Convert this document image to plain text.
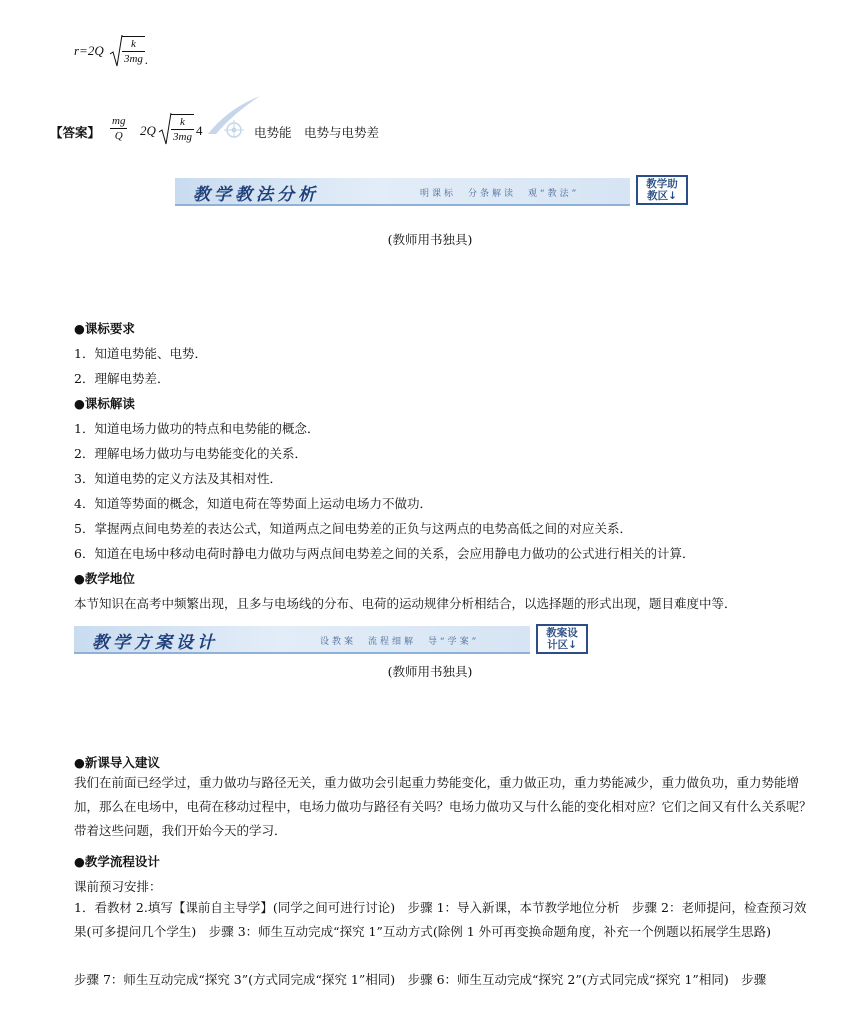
$r=2Q \frac{k}{3mg}$ .
【答案】 $\frac{mg}{Q} 2Q \frac{k}{3mg} 4$	电势能　电势与电势差
教学教法分析	明课标　分条解读　观“教法”
教学助
教区↓
(教师用书独具)
●课标要求
1．知道电势能、电势．
2．理解电势差．
●课标解读
1．知道电场力做功的特点和电势能的概念．
2．理解电场力做功与电势能变化的关系．
3．知道电势的定义方法及其相对性．
4．知道等势面的概念，知道电荷在等势面上运动电场力不做功．
5．掌握两点间电势差的表达公式，知道两点之间电势差的正负与这两点的电势高低之间的对应关系．
6．知道在电场中移动电荷时静电力做功与两点间电势差之间的关系，会应用静电力做功的公式进行相关的计算．
●教学地位
本节知识在高考中频繁出现，且多与电场线的分布、电荷的运动规律分析相结合，以选择题的形式出现，题目难度中等．
教学方案设计	设教案　流程细解　导“学案”
教案设
计区↓
(教师用书独具)
●新课导入建议
我们在前面已经学过，重力做功与路径无关，重力做功会引起重力势能变化，重力做正功，重力势能减少，重力做负功，重力势能增加，那么在电场中，电荷在移动过程中，电场力做功与路径有关吗？电场力做功又与什么能的变化相对应？它们之间又有什么关系呢？带着这些问题，我们开始今天的学习．
●教学流程设计
课前预习安排：
1．看教材 2.填写【课前自主导学】(同学之间可进行讨论)　步骤 1：导入新课，本节教学地位分析　步骤 2：老师提问，检查预习效果(可多提问几个学生)　步骤 3：师生互动完成“探究 1”互动方式(除例 1 外可再变换命题角度，补充一个例题以拓展学生思路)
步骤 7：师生互动完成“探究 3”(方式同完成“探究 1”相同)　步骤 6：师生互动完成“探究 2”(方式同完成“探究 1”相同)　步骤
